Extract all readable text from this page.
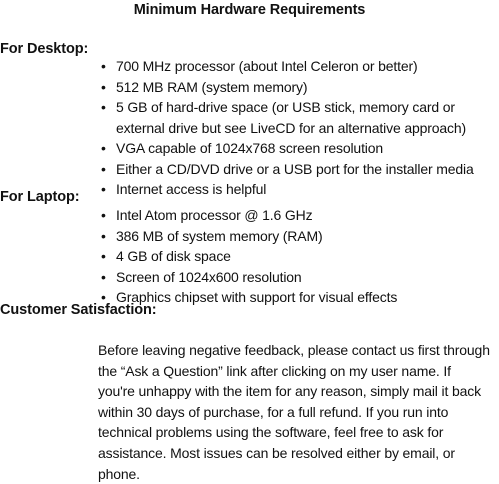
Minimum Hardware Requirements
For Desktop:
• 700 MHz processor (about Intel Celeron or better)
• 512 MB RAM (system memory)
• 5 GB of hard-drive space (or USB stick, memory card or external drive but see LiveCD for an alternative approach)
• VGA capable of 1024x768 screen resolution
• Either a CD/DVD drive or a USB port for the installer media
• Internet access is helpful
For Laptop:
• Intel Atom processor @ 1.6 GHz
• 386 MB of system memory (RAM)
• 4 GB of disk space
• Screen of 1024x600 resolution
• Graphics chipset with support for visual effects
Customer Satisfaction:

Before leaving negative feedback, please contact us first through the “Ask a Question” link after clicking on my user name. If you're unhappy with the item for any reason, simply mail it back within 30 days of purchase, for a full refund. If you run into technical problems using the software, feel free to ask for assistance. Most issues can be resolved either by email, or phone.
